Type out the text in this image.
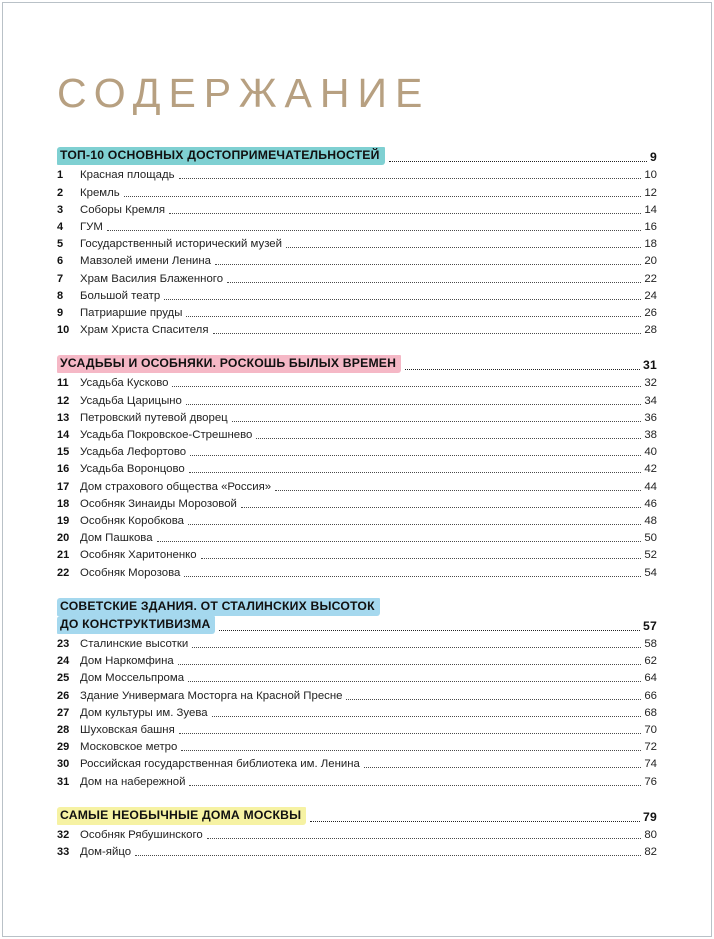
СОДЕРЖАНИЕ
ТОП-10 ОСНОВНЫХ ДОСТОПРИМЕЧАТЕЛЬНОСТЕЙ	9
1	Красная площадь	10
2	Кремль	12
3	Соборы Кремля	14
4	ГУМ	16
5	Государственный исторический музей	18
6	Мавзолей имени Ленина	20
7	Храм Василия Блаженного	22
8	Большой театр	24
9	Патриаршие пруды	26
10 Храм Христа Спасителя	28
УСАДЬБЫ И ОСОБНЯКИ. РОСКОШЬ БЫЛЫХ ВРЕМЕН	31
11 Усадьба Кусково	32
12 Усадьба Царицыно	34
13 Петровский путевой дворец	36
14 Усадьба Покровское-Стрешнево	38
15 Усадьба Лефортово	40
16 Усадьба Воронцово	42
17 Дом страхового общества «Россия»	44
18 Особняк Зинаиды Морозовой	46
19 Особняк Коробкова	48
20 Дом Пашкова	50
21 Особняк Харитоненко	52
22 Особняк Морозова	54
СОВЕТСКИЕ ЗДАНИЯ. ОТ СТАЛИНСКИХ ВЫСОТОК
ДО КОНСТРУКТИВИЗМА	57
23 Сталинские высотки	58
24 Дом Наркомфина	62
25 Дом Моссельпрома	64
26 Здание Универмага Мосторга на Красной Пресне	66
27 Дом культуры им. Зуева	68
28 Шуховская башня	70
29 Московское метро	72
30 Российская государственная библиотека им. Ленина	74
31 Дом на набережной	76
САМЫЕ НЕОБЫЧНЫЕ ДОМА МОСКВЫ	79
32 Особняк Рябушинского	80
33 Дом-яйцо	82
